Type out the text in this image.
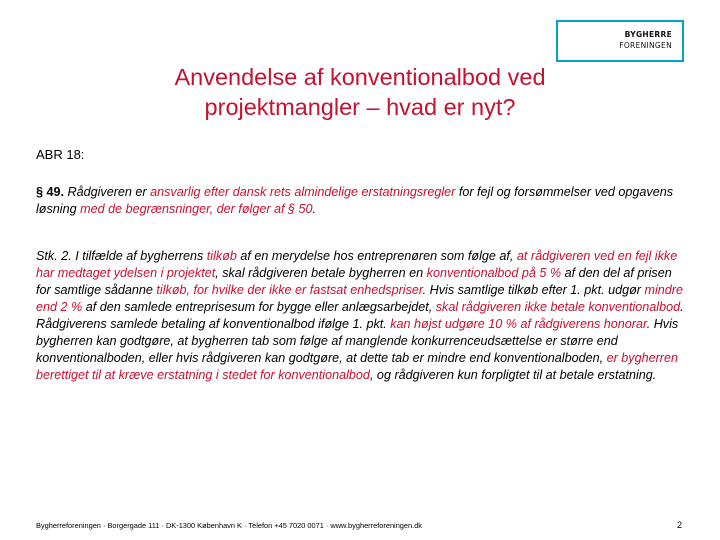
BYGHERRE
FORENINGEN
Anvendelse af konventionalbod ved
projektmangler – hvad er nyt?

ABR 18:

§ 49. Rådgiveren er ansvarlig efter dansk rets almindelige erstatningsregler for fejl og forsømmelser ved opgavens løsning med de begrænsninger, der følger af § 50.

Stk. 2. I tilfælde af bygherrens tilkøb af en merydelse hos entreprenøren som følge af, at rådgiveren ved en fejl ikke har medtaget ydelsen i projektet, skal rådgiveren betale bygherren en konventionalbod på 5 % af den del af prisen for samtlige sådanne tilkøb, for hvilke der ikke er fastsat enhedspriser. Hvis samtlige tilkøb efter 1. pkt. udgør mindre end 2 % af den samlede entreprisesum for bygge eller anlægsarbejdet, skal rådgiveren ikke betale konventionalbod. Rådgiverens samlede betaling af konventionalbod ifølge 1. pkt. kan højst udgøre 10 % af rådgiverens honorar. Hvis bygherren kan godtgøre, at bygherren tab som følge af manglende konkurrenceudsættelse er større end konventionalboden, eller hvis rådgiveren kan godtgøre, at dette tab er mindre end konventionalboden, er bygherren berettiget til at kræve erstatning i stedet for konventionalbod, og rådgiveren kun forpligtet til at betale erstatning.

Bygherreforeningen · Borgergade 111 · DK-1300 København K · Telefon +45 7020 0071 · www.bygherreforeningen.dk	2
